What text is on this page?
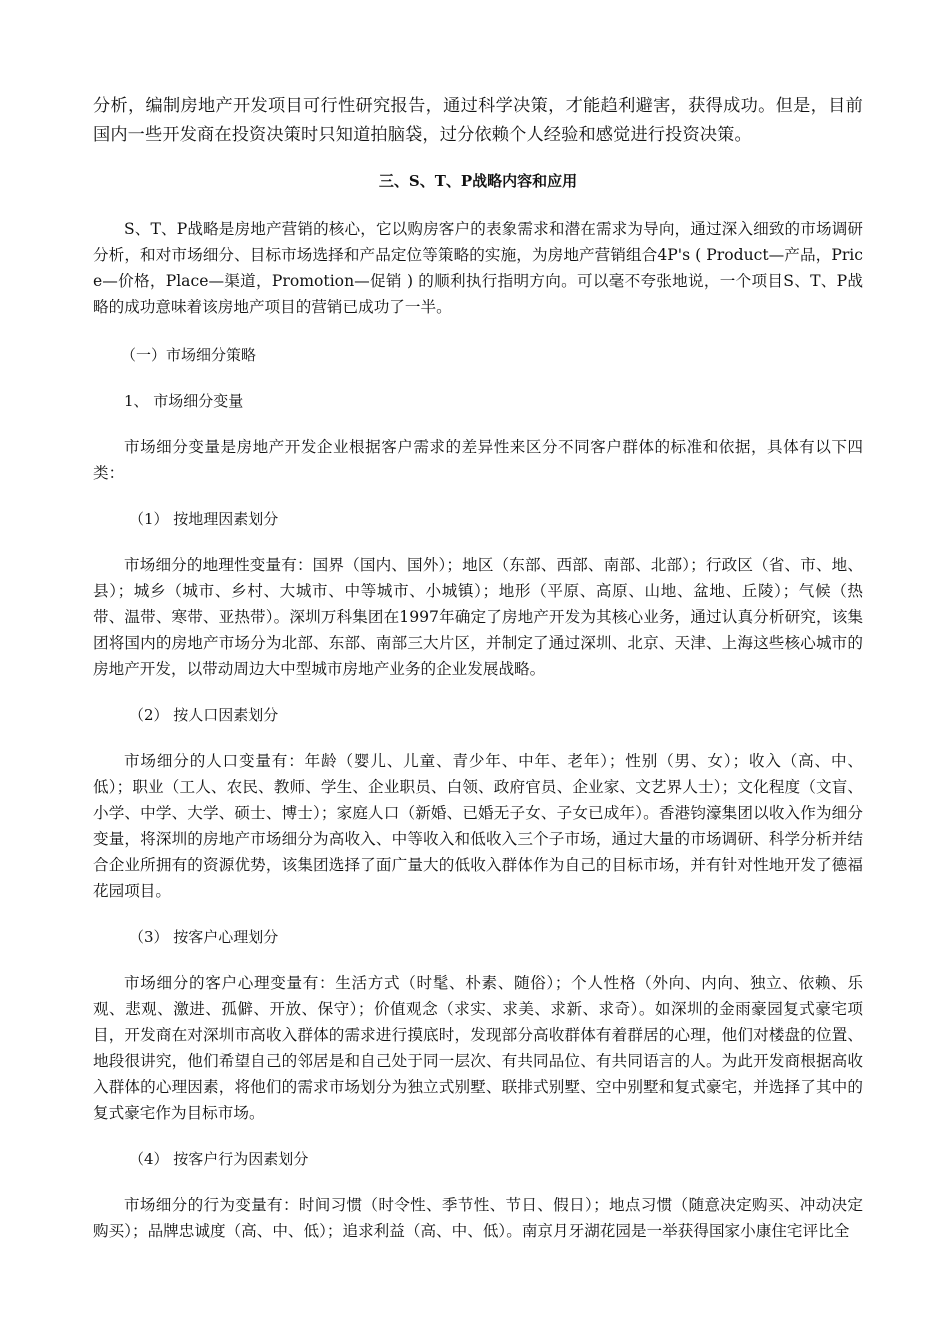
分析，编制房地产开发项目可行性研究报告，通过科学决策，才能趋利避害，获得成功。但是，目前国内一些开发商在投资决策时只知道拍脑袋，过分依赖个人经验和感觉进行投资决策。

三、S、T、P战略内容和应用

S、T、P战略是房地产营销的核心，它以购房客户的表象需求和潜在需求为导向，通过深入细致的市场调研分析，和对市场细分、目标市场选择和产品定位等策略的实施，为房地产营销组合4P's ( Product—产品，Price—价格，Place—渠道，Promotion—促销 ) 的顺利执行指明方向。可以毫不夸张地说，一个项目S、T、P战略的成功意味着该房地产项目的营销已成功了一半。

（一）市场细分策略

1、 市场细分变量

市场细分变量是房地产开发企业根据客户需求的差异性来区分不同客户群体的标准和依据，具体有以下四类：

（1） 按地理因素划分

市场细分的地理性变量有：国界（国内、国外）；地区（东部、西部、南部、北部）；行政区（省、市、地、县）；城乡（城市、乡村、大城市、中等城市、小城镇）；地形（平原、高原、山地、盆地、丘陵）；气候（热带、温带、寒带、亚热带）。深圳万科集团在1997年确定了房地产开发为其核心业务，通过认真分析研究，该集团将国内的房地产市场分为北部、东部、南部三大片区，并制定了通过深圳、北京、天津、上海这些核心城市的房地产开发，以带动周边大中型城市房地产业务的企业发展战略。

（2） 按人口因素划分

市场细分的人口变量有：年龄（婴儿、儿童、青少年、中年、老年）；性别（男、女）；收入（高、中、低）；职业（工人、农民、教师、学生、企业职员、白领、政府官员、企业家、文艺界人士）；文化程度（文盲、小学、中学、大学、硕士、博士）；家庭人口（新婚、已婚无子女、子女已成年）。香港钧濠集团以收入作为细分变量，将深圳的房地产市场细分为高收入、中等收入和低收入三个子市场，通过大量的市场调研、科学分析并结合企业所拥有的资源优势，该集团选择了面广量大的低收入群体作为自己的目标市场，并有针对性地开发了德福花园项目。

（3） 按客户心理划分

市场细分的客户心理变量有：生活方式（时髦、朴素、随俗）；个人性格（外向、内向、独立、依赖、乐观、悲观、激进、孤僻、开放、保守）；价值观念（求实、求美、求新、求奇）。如深圳的金雨豪园复式豪宅项目，开发商在对深圳市高收入群体的需求进行摸底时，发现部分高收群体有着群居的心理，他们对楼盘的位置、地段很讲究，他们希望自己的邻居是和自己处于同一层次、有共同品位、有共同语言的人。为此开发商根据高收入群体的心理因素，将他们的需求市场划分为独立式别墅、联排式别墅、空中别墅和复式豪宅，并选择了其中的复式豪宅作为目标市场。

（4） 按客户行为因素划分

市场细分的行为变量有：时间习惯（时令性、季节性、节日、假日）；地点习惯（随意决定购买、冲动决定购买）；品牌忠诚度（高、中、低）；追求利益（高、中、低）。南京月牙湖花园是一举获得国家小康住宅评比全
